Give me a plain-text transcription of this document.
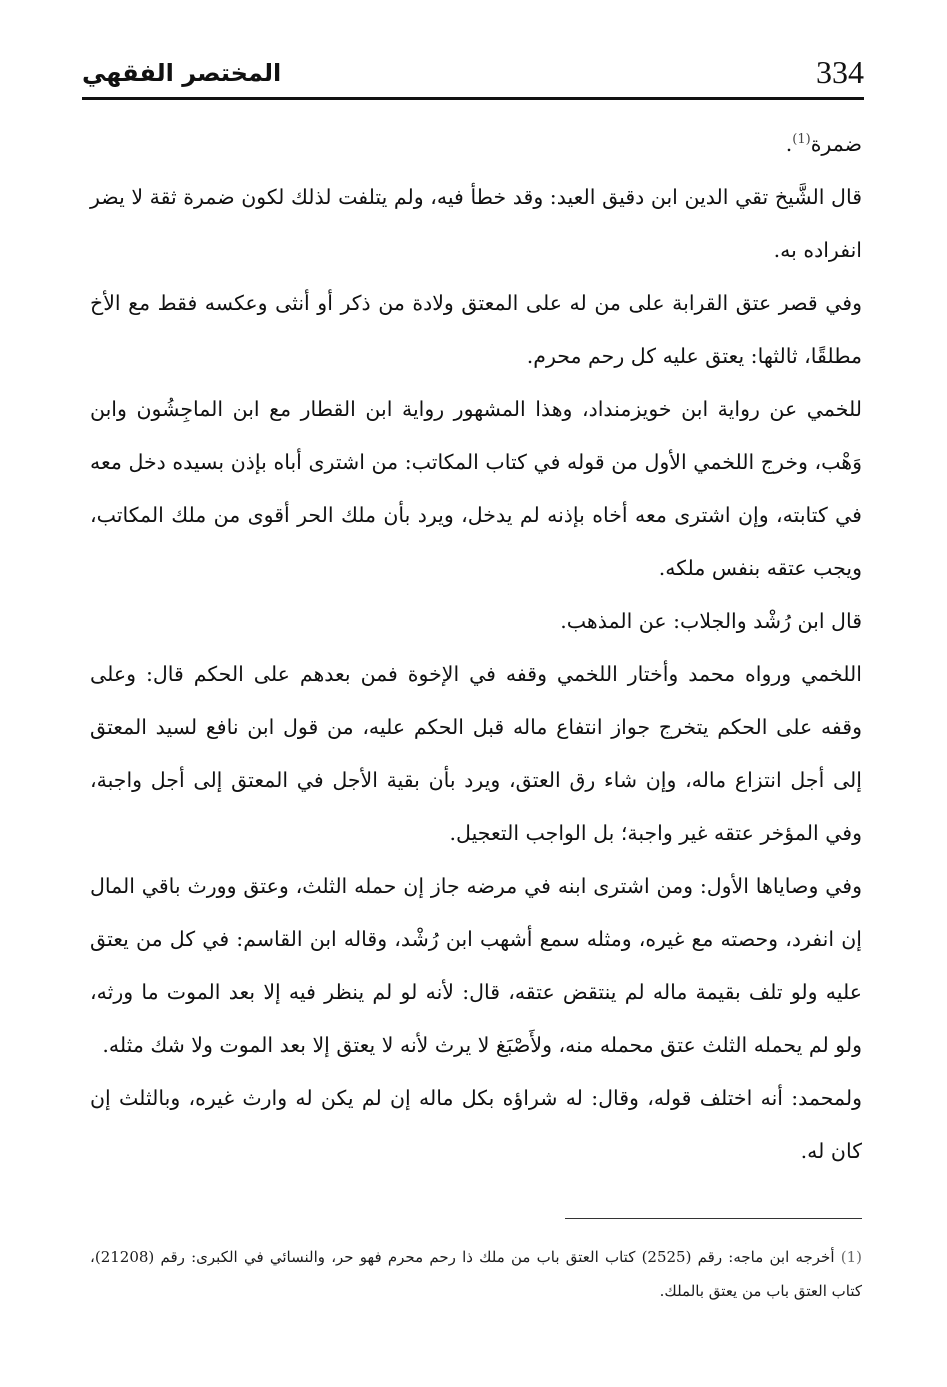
334
المختصر الفقهي

ضمرة$^{(1)}$.

قال الشَّيخ تقي الدين ابن دقيق العيد: وقد خطأ فيه، ولم يتلفت لذلك لكون ضمرة ثقة لا يضر انفراده به.

وفي قصر عتق القرابة على من له على المعتق ولادة من ذكر أو أنثى وعكسه فقط مع الأخ مطلقًا، ثالثها: يعتق عليه كل رحم محرم.

للخمي عن رواية ابن خويزمنداد، وهذا المشهور رواية ابن القطار مع ابن الماجِشُون وابن وَهْب، وخرج اللخمي الأول من قوله في كتاب المكاتب: من اشترى أباه بإذن بسيده دخل معه في كتابته، وإن اشترى معه أخاه بإذنه لم يدخل، ويرد بأن ملك الحر أقوى من ملك المكاتب، ويجب عتقه بنفس ملكه.

قال ابن رُشْد والجلاب: عن المذهب.

اللخمي ورواه محمد وأختار اللخمي وقفه في الإخوة فمن بعدهم على الحكم قال: وعلى وقفه على الحكم يتخرج جواز انتفاع ماله قبل الحكم عليه، من قول ابن نافع لسيد المعتق إلى أجل انتزاع ماله، وإن شاء رق العتق، ويرد بأن بقية الأجل في المعتق إلى أجل واجبة، وفي المؤخر عتقه غير واجبة؛ بل الواجب التعجيل.

وفي وصاياها الأول: ومن اشترى ابنه في مرضه جاز إن حمله الثلث، وعتق وورث باقي المال إن انفرد، وحصته مع غيره، ومثله سمع أشهب ابن رُشْد، وقاله ابن القاسم: في كل من يعتق عليه ولو تلف بقيمة ماله لم ينتقض عتقه، قال: لأنه لو لم ينظر فيه إلا بعد الموت ما ورثه، ولو لم يحمله الثلث عتق محمله منه، ولأَصْبَغ لا يرث لأنه لا يعتق إلا بعد الموت ولا شك مثله.

ولمحمد: أنه اختلف قوله، وقال: له شراؤه بكل ماله إن لم يكن له وارث غيره، وبالثلث إن كان له.

(1) أخرجه ابن ماجه: رقم (2525) كتاب العتق باب من ملك ذا رحم محرم فهو حر، والنسائي في الكبرى: رقم (21208)، كتاب العتق باب من يعتق بالملك.
